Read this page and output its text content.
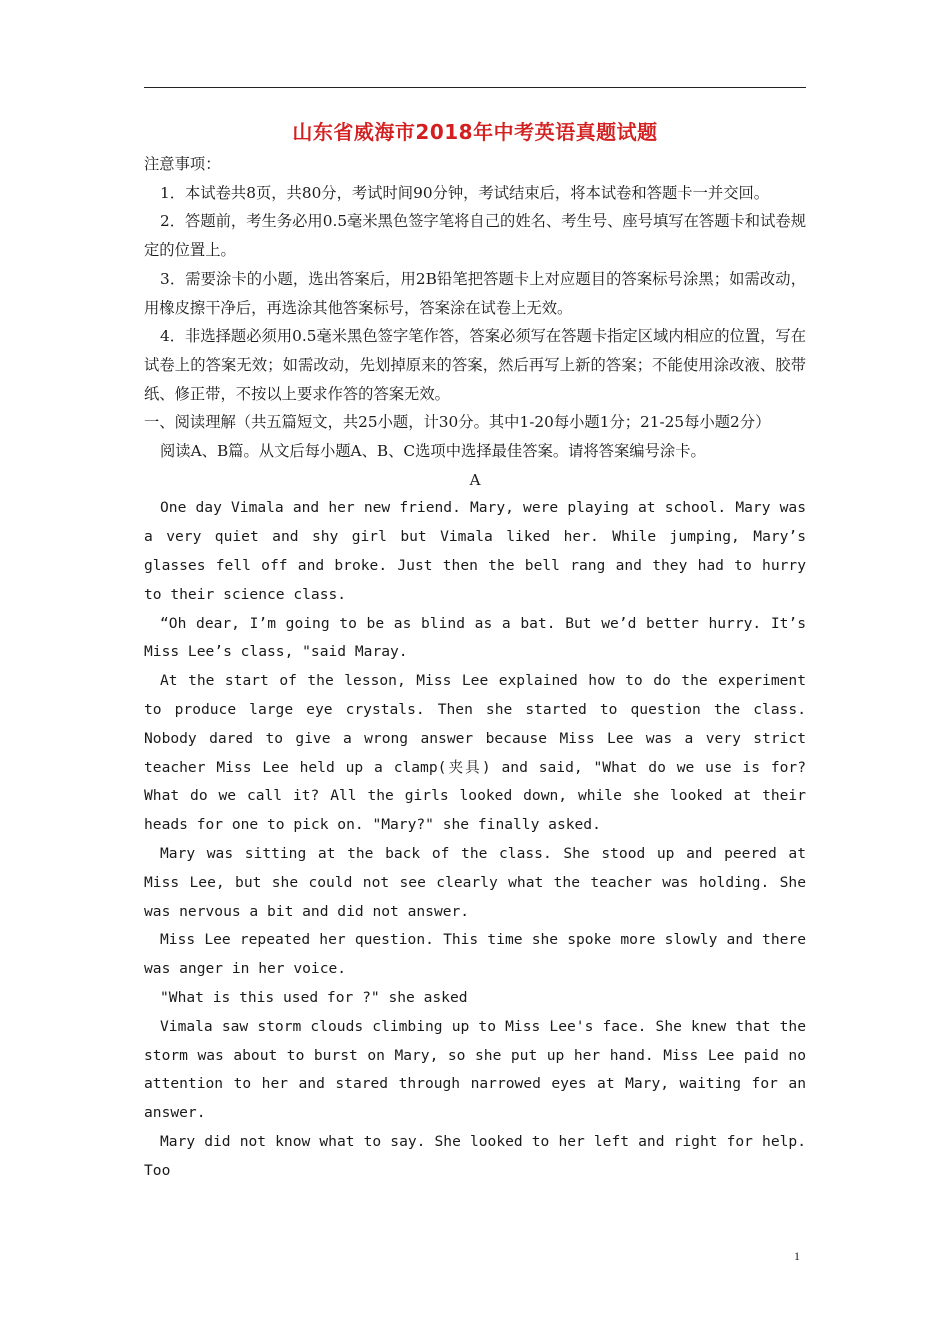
山东省威海市2018年中考英语真题试题

注意事项：

1．本试卷共8页，共80分，考试时间90分钟，考试结束后，将本试卷和答题卡一并交回。

2．答题前，考生务必用0.5毫米黑色签字笔将自己的姓名、考生号、座号填写在答题卡和试卷规定的位置上。

3．需要涂卡的小题，选出答案后，用2B铅笔把答题卡上对应题目的答案标号涂黑；如需改动，用橡皮擦干净后，再选涂其他答案标号，答案涂在试卷上无效。

4．非选择题必须用0.5毫米黑色签字笔作答，答案必须写在答题卡指定区域内相应的位置，写在试卷上的答案无效；如需改动，先划掉原来的答案，然后再写上新的答案；不能使用涂改液、胶带纸、修正带，不按以上要求作答的答案无效。

一、阅读理解（共五篇短文，共25小题，计30分。其中1-20每小题1分；21-25每小题2分）

阅读A、B篇。从文后每小题A、B、C选项中选择最佳答案。请将答案编号涂卡。

A

One day Vimala and her new friend. Mary, were playing at school. Mary was a very quiet and shy girl but Vimala liked her. While jumping, Mary’s glasses fell off and broke. Just then the bell rang and they had to hurry to their science class.

“Oh dear, I’m going to be as blind as a bat. But we’d better hurry. It’s Miss Lee’s class, "said Maray.

At the start of the lesson, Miss Lee explained how to do the experiment to produce large eye crystals. Then she started to question the class. Nobody dared to give a wrong answer because Miss Lee was a very strict teacher Miss Lee held up a clamp(夹具) and said, "What do we use is for? What do we call it? All the girls looked down, while she looked at their heads for one to pick on. "Mary?" she finally asked.

Mary was sitting at the back of the class. She stood up and peered at Miss Lee, but she could not see clearly what the teacher was holding. She was nervous a bit and did not answer.

Miss Lee repeated her question. This time she spoke more slowly and there was anger in her voice.

"What is this used for ?" she asked

Vimala saw storm clouds climbing up to Miss Lee's face. She knew that the storm was about to burst on Mary, so she put up her hand. Miss Lee paid no attention to her and stared through narrowed eyes at Mary, waiting for an answer.

Mary did not know what to say. She looked to her left and right for help. Too

1
